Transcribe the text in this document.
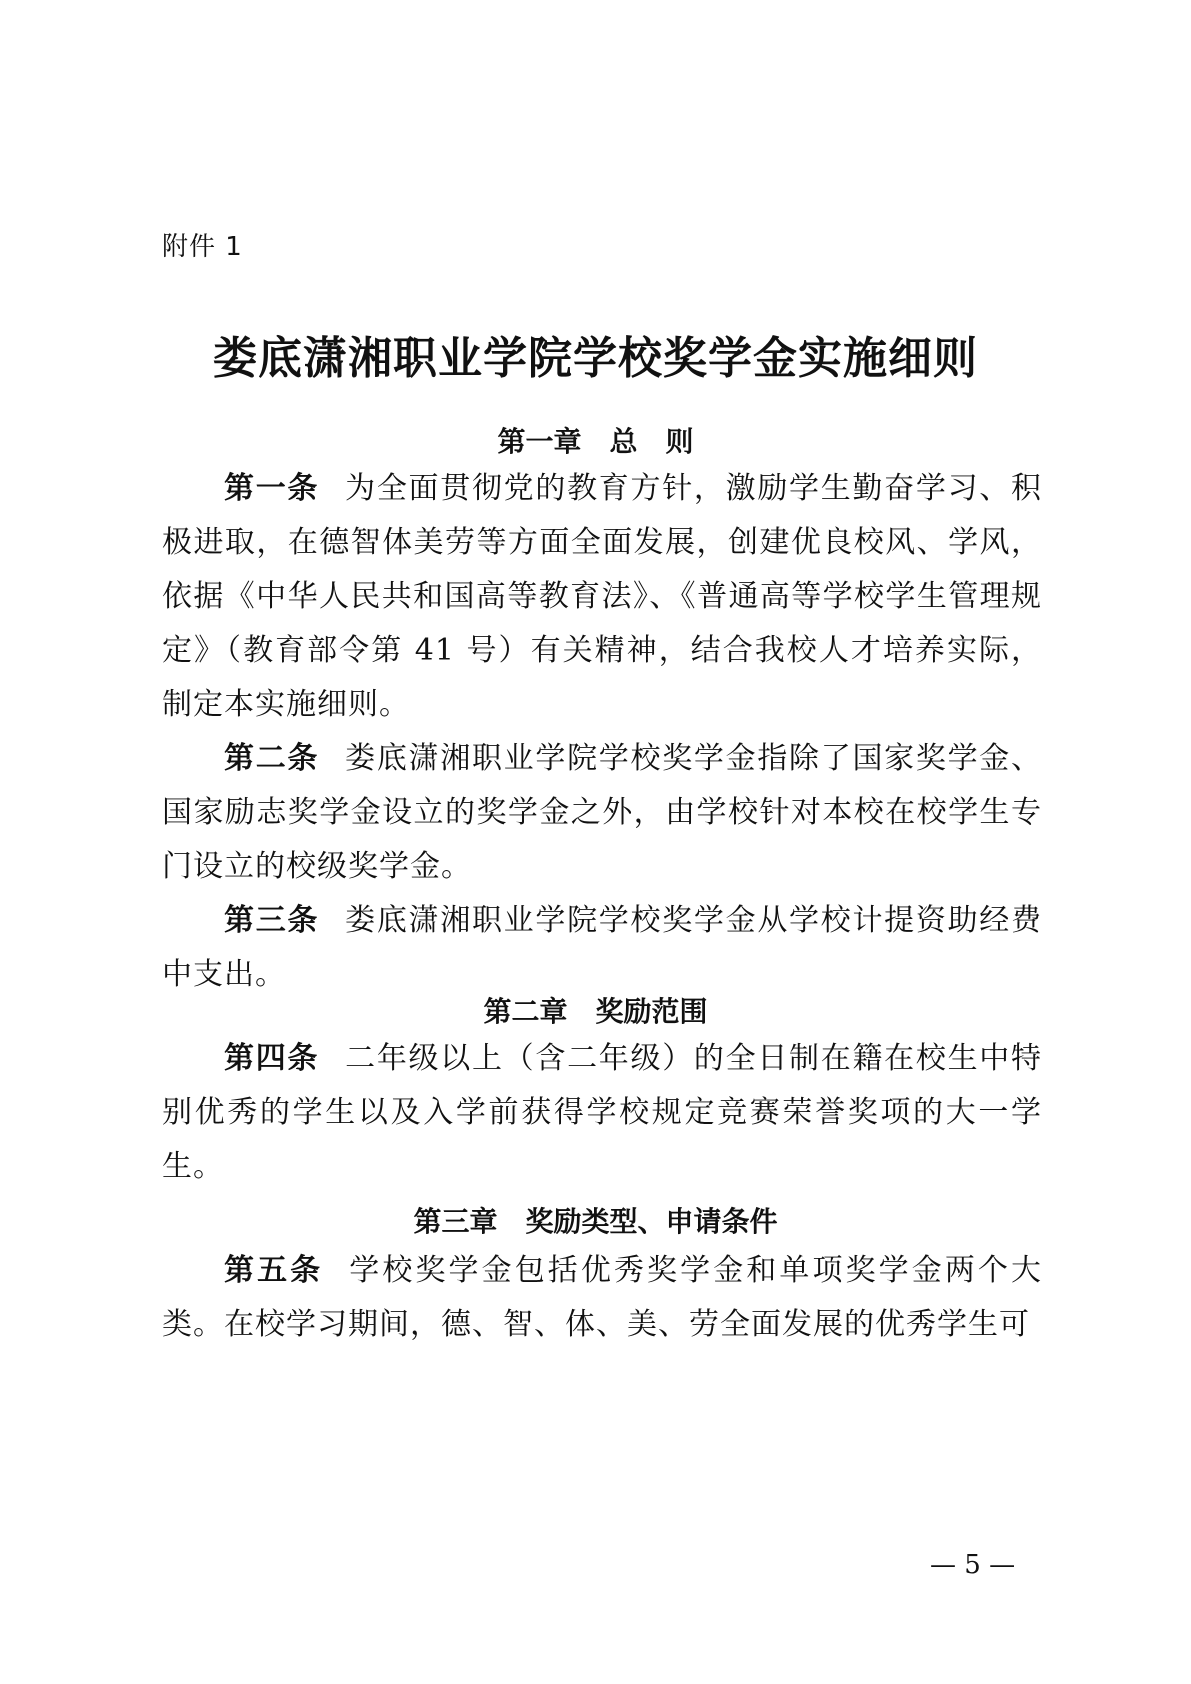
附件 1
娄底潇湘职业学院学校奖学金实施细则
第一章　总　则
第一条 为全面贯彻党的教育方针，激励学生勤奋学习、积极进取，在德智体美劳等方面全面发展，创建优良校风、学风，依据《中华人民共和国高等教育法》、《普通高等学校学生管理规定》（教育部令第 41 号）有关精神，结合我校人才培养实际，制定本实施细则。
第二条 娄底潇湘职业学院学校奖学金指除了国家奖学金、国家励志奖学金设立的奖学金之外，由学校针对本校在校学生专门设立的校级奖学金。
第三条 娄底潇湘职业学院学校奖学金从学校计提资助经费中支出。
第二章　奖励范围
第四条 二年级以上（含二年级）的全日制在籍在校生中特别优秀的学生以及入学前获得学校规定竞赛荣誉奖项的大一学生。
第三章　奖励类型、申请条件
第五条 学校奖学金包括优秀奖学金和单项奖学金两个大类。在校学习期间，德、智、体、美、劳全面发展的优秀学生可
— 5 —
